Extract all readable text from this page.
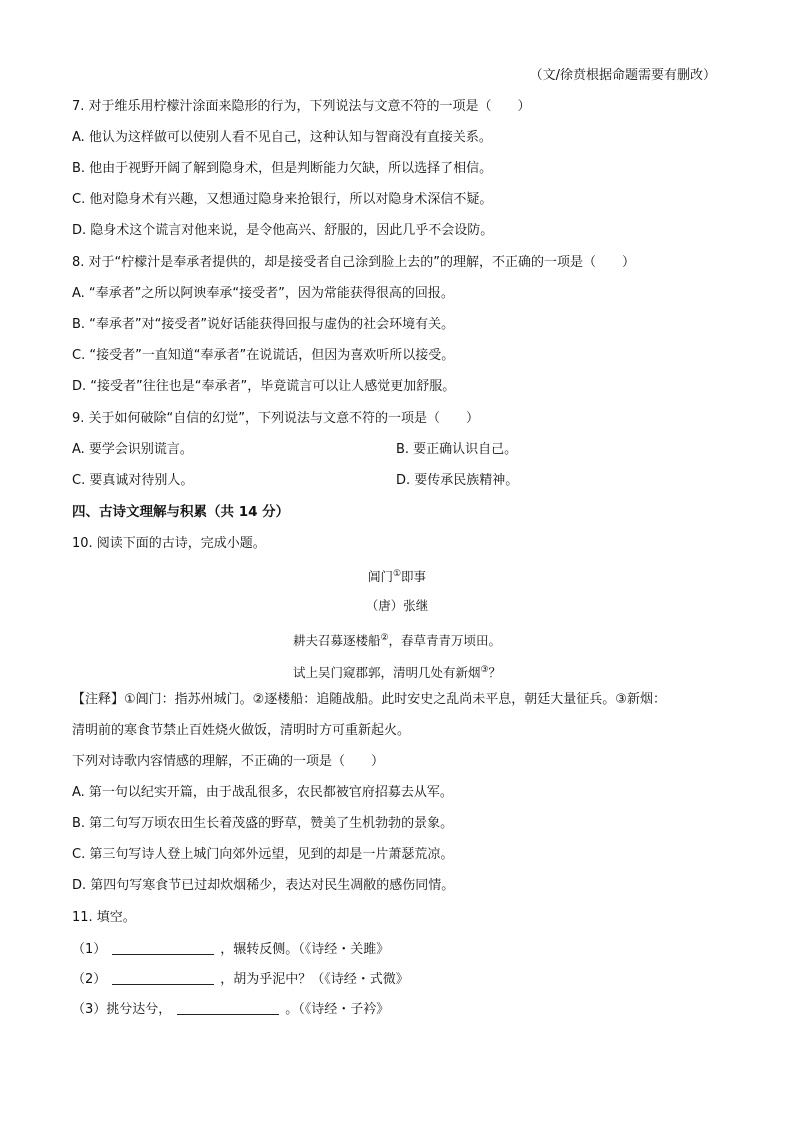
（文/徐贲根据命题需要有删改）
7. 对于维乐用柠檬汁涂面来隐形的行为，下列说法与文意不符的一项是（　　）
A. 他认为这样做可以使别人看不见自己，这种认知与智商没有直接关系。
B. 他由于视野开阔了解到隐身术，但是判断能力欠缺，所以选择了相信。
C. 他对隐身术有兴趣，又想通过隐身来抢银行，所以对隐身术深信不疑。
D. 隐身术这个谎言对他来说，是令他高兴、舒服的，因此几乎不会设防。
8. 对于“柠檬汁是奉承者提供的，却是接受者自己涂到脸上去的”的理解，不正确的一项是（　　）
A. “奉承者”之所以阿谀奉承“接受者”，因为常能获得很高的回报。
B. “奉承者”对“接受者”说好话能获得回报与虚伪的社会环境有关。
C. “接受者”一直知道“奉承者”在说谎话，但因为喜欢听所以接受。
D. “接受者”往往也是“奉承者”，毕竟谎言可以让人感觉更加舒服。
9. 关于如何破除“自信的幻觉”，下列说法与文意不符的一项是（　　）
A. 要学会识别谎言。	B. 要正确认识自己。
C. 要真诚对待别人。	D. 要传承民族精神。
四、古诗文理解与积累（共 14 分）
10. 阅读下面的古诗，完成小题。
阊门①即事
（唐）张继
耕夫召募逐楼船②，春草青青万顷田。
试上吴门窥郡郭，清明几处有新烟③？
【注释】①阊门：指苏州城门。②逐楼船：追随战船。此时安史之乱尚未平息，朝廷大量征兵。③新烟：
清明前的寒食节禁止百姓烧火做饭，清明时方可重新起火。
下列对诗歌内容情感的理解，不正确的一项是（　　）
A. 第一句以纪实开篇，由于战乱很多，农民都被官府招募去从军。
B. 第二句写万顷农田生长着茂盛的野草，赞美了生机勃勃的景象。
C. 第三句写诗人登上城门向郊外远望，见到的却是一片萧瑟荒凉。
D. 第四句写寒食节已过却炊烟稀少，表达对民生凋敝的感伤同情。
11. 填空。
（1）	，辗转反侧。（《诗经・关雎》
（2）	，胡为乎泥中？（《诗经・式微》
（3）挑兮达兮，	。（《诗经・子衿》
